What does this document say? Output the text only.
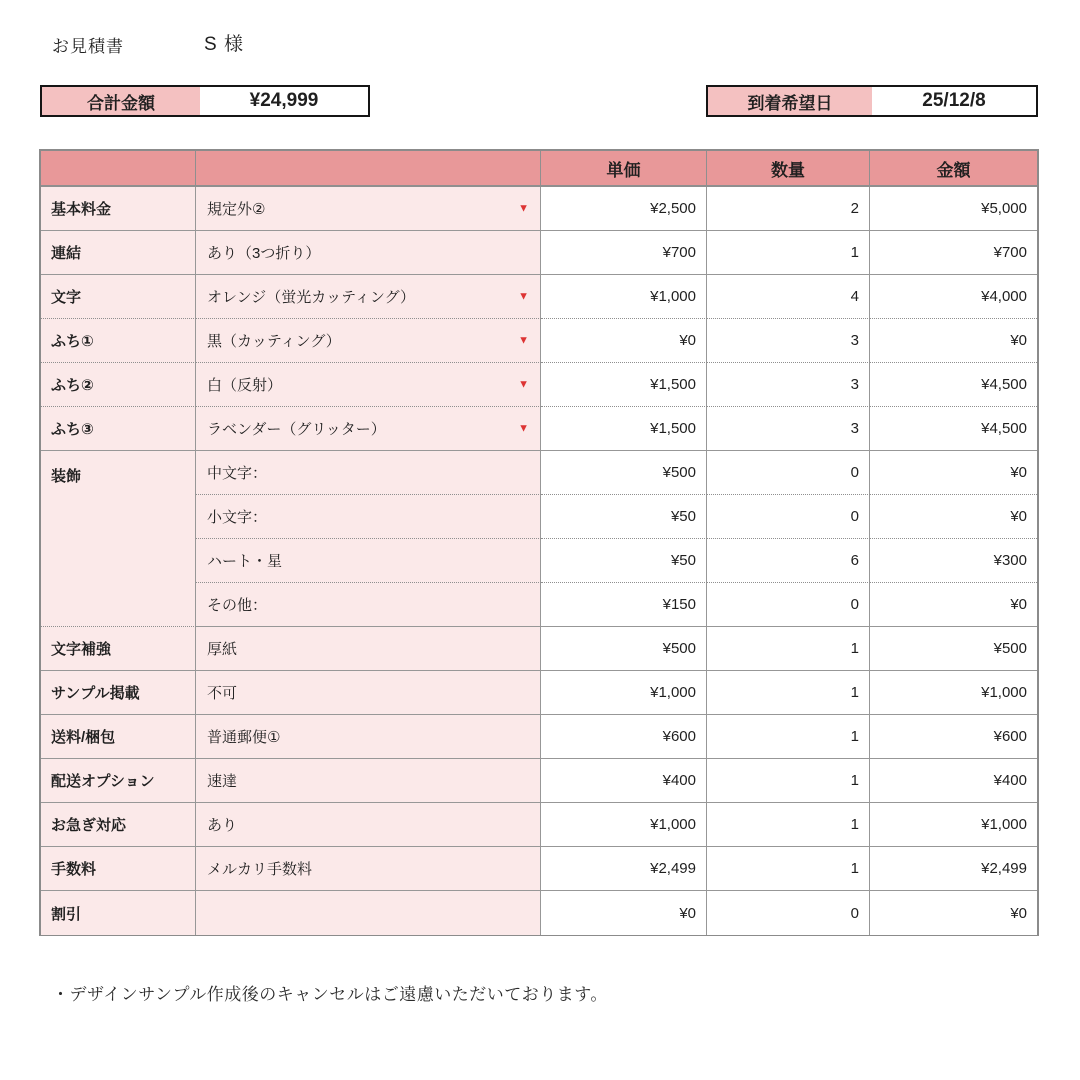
お見積書	S 様
合計金額	¥24,999	到着希望日	25/12/8
		単価	数量	金額
基本料金	規定外② ▼	¥2,500	2	¥5,000
連結	あり（3つ折り）	¥700	1	¥700
文字	オレンジ（蛍光カッティング） ▼	¥1,000	4	¥4,000
ふち①	黒（カッティング） ▼	¥0	3	¥0
ふち②	白（反射） ▼	¥1,500	3	¥4,500
ふち③	ラベンダー（グリッター） ▼	¥1,500	3	¥4,500
装飾	中文字：	¥500	0	¥0
	小文字：	¥50	0	¥0
	ハート・星	¥50	6	¥300
	その他：	¥150	0	¥0
文字補強	厚紙	¥500	1	¥500
サンプル掲載	不可	¥1,000	1	¥1,000
送料/梱包	普通郵便①	¥600	1	¥600
配送オプション	速達	¥400	1	¥400
お急ぎ対応	あり	¥1,000	1	¥1,000
手数料	メルカリ手数料	¥2,499	1	¥2,499
割引		¥0	0	¥0
・デザインサンプル作成後のキャンセルはご遠慮いただいております。
